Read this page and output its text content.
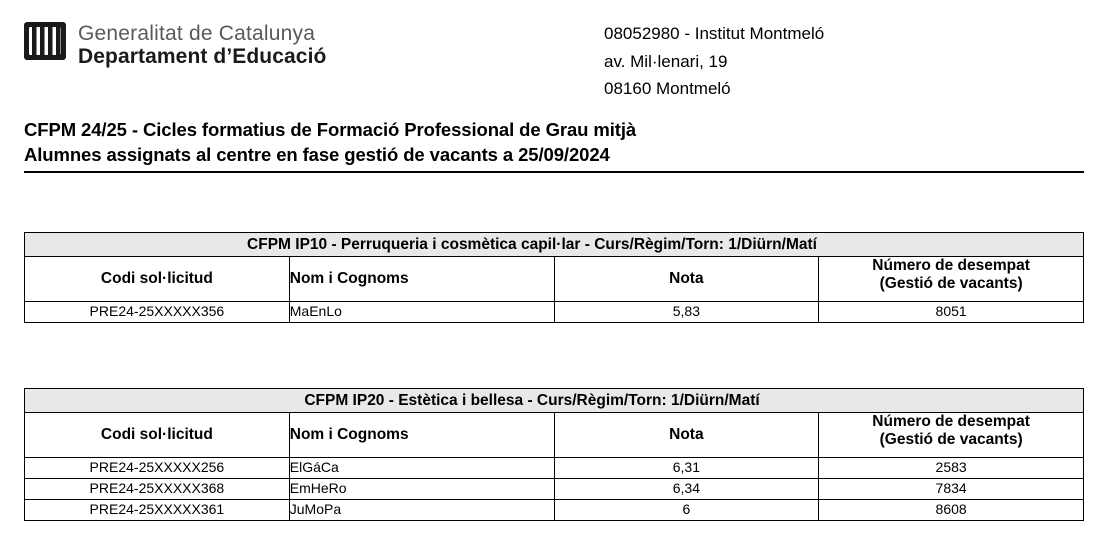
Generalitat de Catalunya
Departament d’Educació
08052980 - Institut Montmeló
av. Mil·lenari, 19
08160 Montmeló
CFPM 24/25 - Cicles formatius de Formació Professional de Grau mitjà
Alumnes assignats al centre en fase gestió de vacants a 25/09/2024
CFPM IP10 - Perruqueria i cosmètica capil·lar - Curs/Règim/Torn: 1/Diürn/Matí			
Codi sol·licitud	Nom i Cognoms	Nota	Número de desempat
(Gestió de vacants)

PRE24-25XXXXX356	MaEnLo	5,83	8051
CFPM IP20 - Estètica i bellesa - Curs/Règim/Torn: 1/Diürn/Matí			
Codi sol·licitud	Nom i Cognoms	Nota	Número de desempat
(Gestió de vacants)

PRE24-25XXXXX256	ElGáCa	6,31	2583
PRE24-25XXXXX368	EmHeRo	6,34	7834
PRE24-25XXXXX361	JuMoPa	6	8608
